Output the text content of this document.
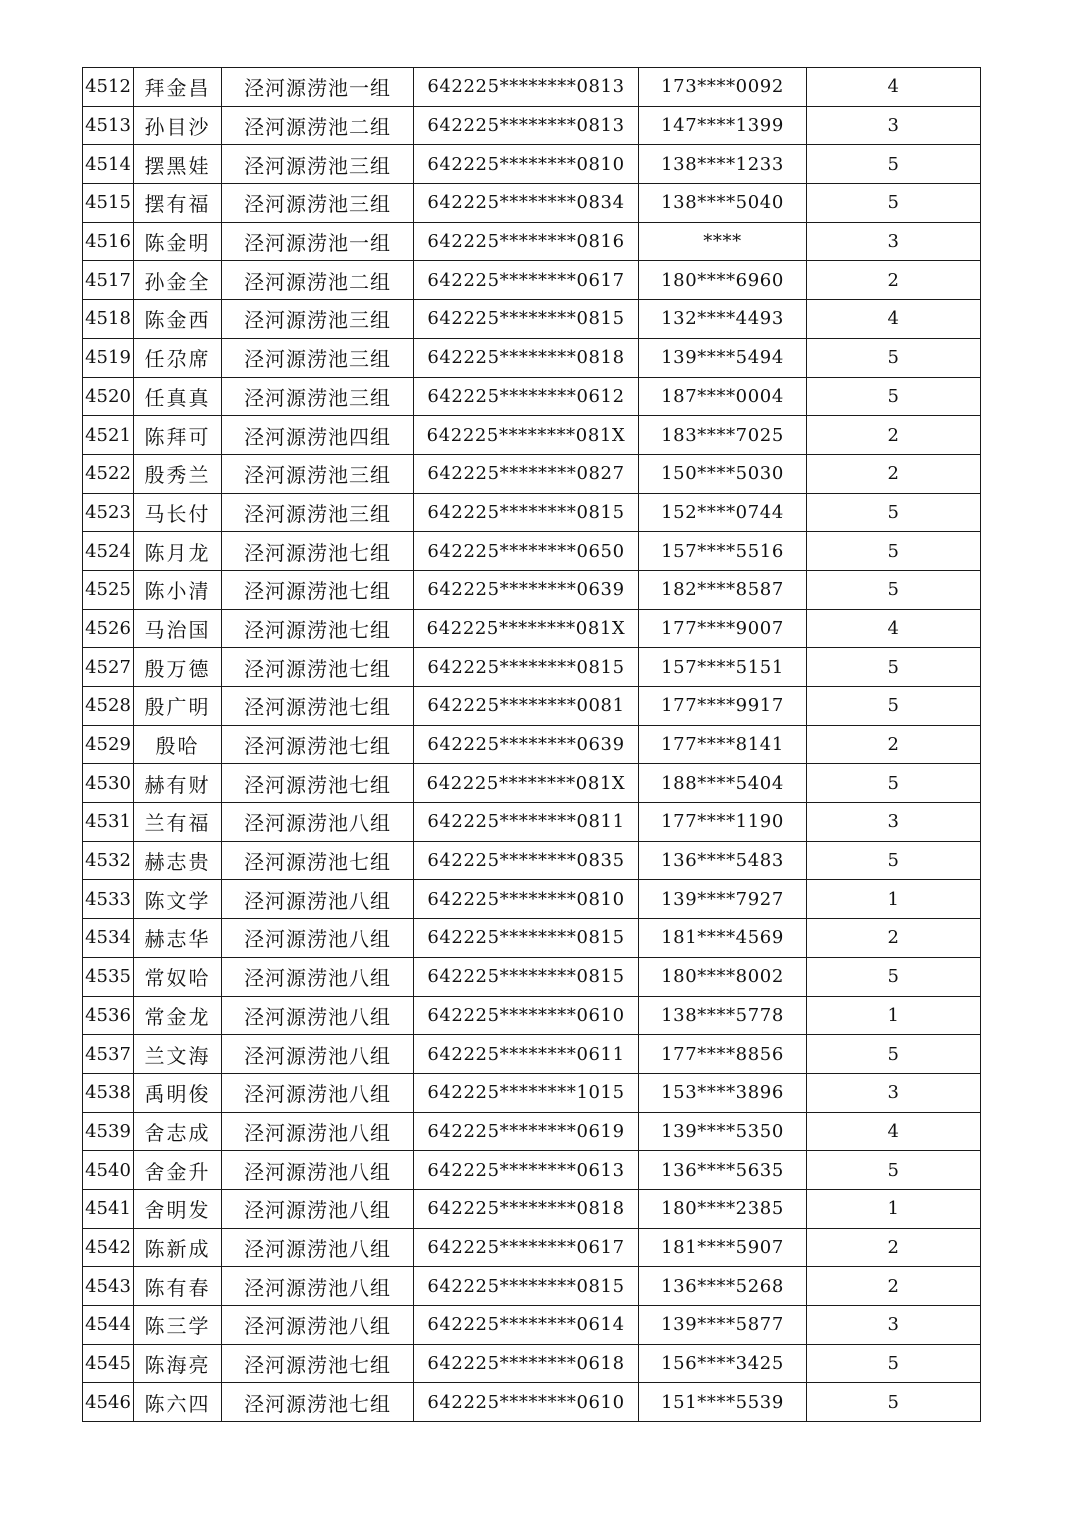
4512	拜金昌	泾河源涝池一组	642225********0813	173****0092	4
4513	孙目沙	泾河源涝池二组	642225********0813	147****1399	3
4514	摆黑娃	泾河源涝池三组	642225********0810	138****1233	5
4515	摆有福	泾河源涝池三组	642225********0834	138****5040	5
4516	陈金明	泾河源涝池一组	642225********0816	****	3
4517	孙金全	泾河源涝池二组	642225********0617	180****6960	2
4518	陈金西	泾河源涝池三组	642225********0815	132****4493	4
4519	任尕席	泾河源涝池三组	642225********0818	139****5494	5
4520	任真真	泾河源涝池三组	642225********0612	187****0004	5
4521	陈拜可	泾河源涝池四组	642225********081X	183****7025	2
4522	殷秀兰	泾河源涝池三组	642225********0827	150****5030	2
4523	马长付	泾河源涝池三组	642225********0815	152****0744	5
4524	陈月龙	泾河源涝池七组	642225********0650	157****5516	5
4525	陈小清	泾河源涝池七组	642225********0639	182****8587	5
4526	马治国	泾河源涝池七组	642225********081X	177****9007	4
4527	殷万德	泾河源涝池七组	642225********0815	157****5151	5
4528	殷广明	泾河源涝池七组	642225********0081	177****9917	5
4529	殷哈	泾河源涝池七组	642225********0639	177****8141	2
4530	赫有财	泾河源涝池七组	642225********081X	188****5404	5
4531	兰有福	泾河源涝池八组	642225********0811	177****1190	3
4532	赫志贵	泾河源涝池七组	642225********0835	136****5483	5
4533	陈文学	泾河源涝池八组	642225********0810	139****7927	1
4534	赫志华	泾河源涝池八组	642225********0815	181****4569	2
4535	常奴哈	泾河源涝池八组	642225********0815	180****8002	5
4536	常金龙	泾河源涝池八组	642225********0610	138****5778	1
4537	兰文海	泾河源涝池八组	642225********0611	177****8856	5
4538	禹明俊	泾河源涝池八组	642225********1015	153****3896	3
4539	舍志成	泾河源涝池八组	642225********0619	139****5350	4
4540	舍金升	泾河源涝池八组	642225********0613	136****5635	5
4541	舍明发	泾河源涝池八组	642225********0818	180****2385	1
4542	陈新成	泾河源涝池八组	642225********0617	181****5907	2
4543	陈有春	泾河源涝池八组	642225********0815	136****5268	2
4544	陈三学	泾河源涝池八组	642225********0614	139****5877	3
4545	陈海亮	泾河源涝池七组	642225********0618	156****3425	5
4546	陈六四	泾河源涝池七组	642225********0610	151****5539	5
